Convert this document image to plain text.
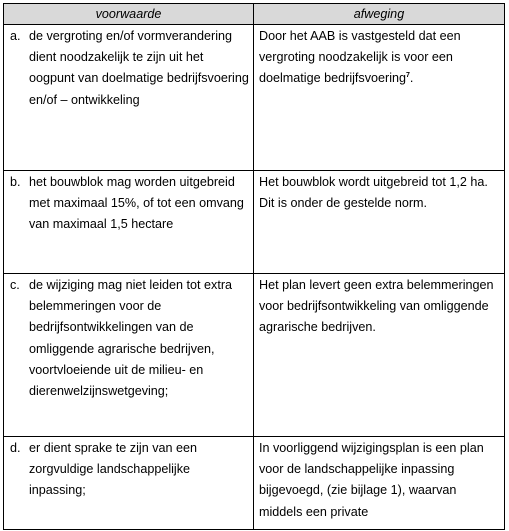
voorwaarde	afweging

a. de vergroting en/of vormverandering dient noodzakelijk te zijn uit het oogpunt van doelmatige bedrijfsvoering en/of – ontwikkeling	Door het AAB is vastgesteld dat een vergroting noodzakelijk is voor een doelmatige bedrijfsvoering$^7$.

b. het bouwblok mag worden uitgebreid met maximaal 15%, of tot een omvang van maximaal 1,5 hectare	Het bouwblok wordt uitgebreid tot 1,2 ha. Dit is onder de gestelde norm.

c. de wijziging mag niet leiden tot extra belemmeringen voor de bedrijfsontwikkelingen van de omliggende agrarische bedrijven, voortvloeiende uit de milieu- en dierenwelzijnswetgeving;	Het plan levert geen extra belemmeringen voor bedrijfsontwikkeling van omliggende agrarische bedrijven.

d. er dient sprake te zijn van een zorgvuldige landschappelijke inpassing;	In voorliggend wijzigingsplan is een plan voor de landschappelijke inpassing bijgevoegd, (zie bijlage 1), waarvan middels een private
